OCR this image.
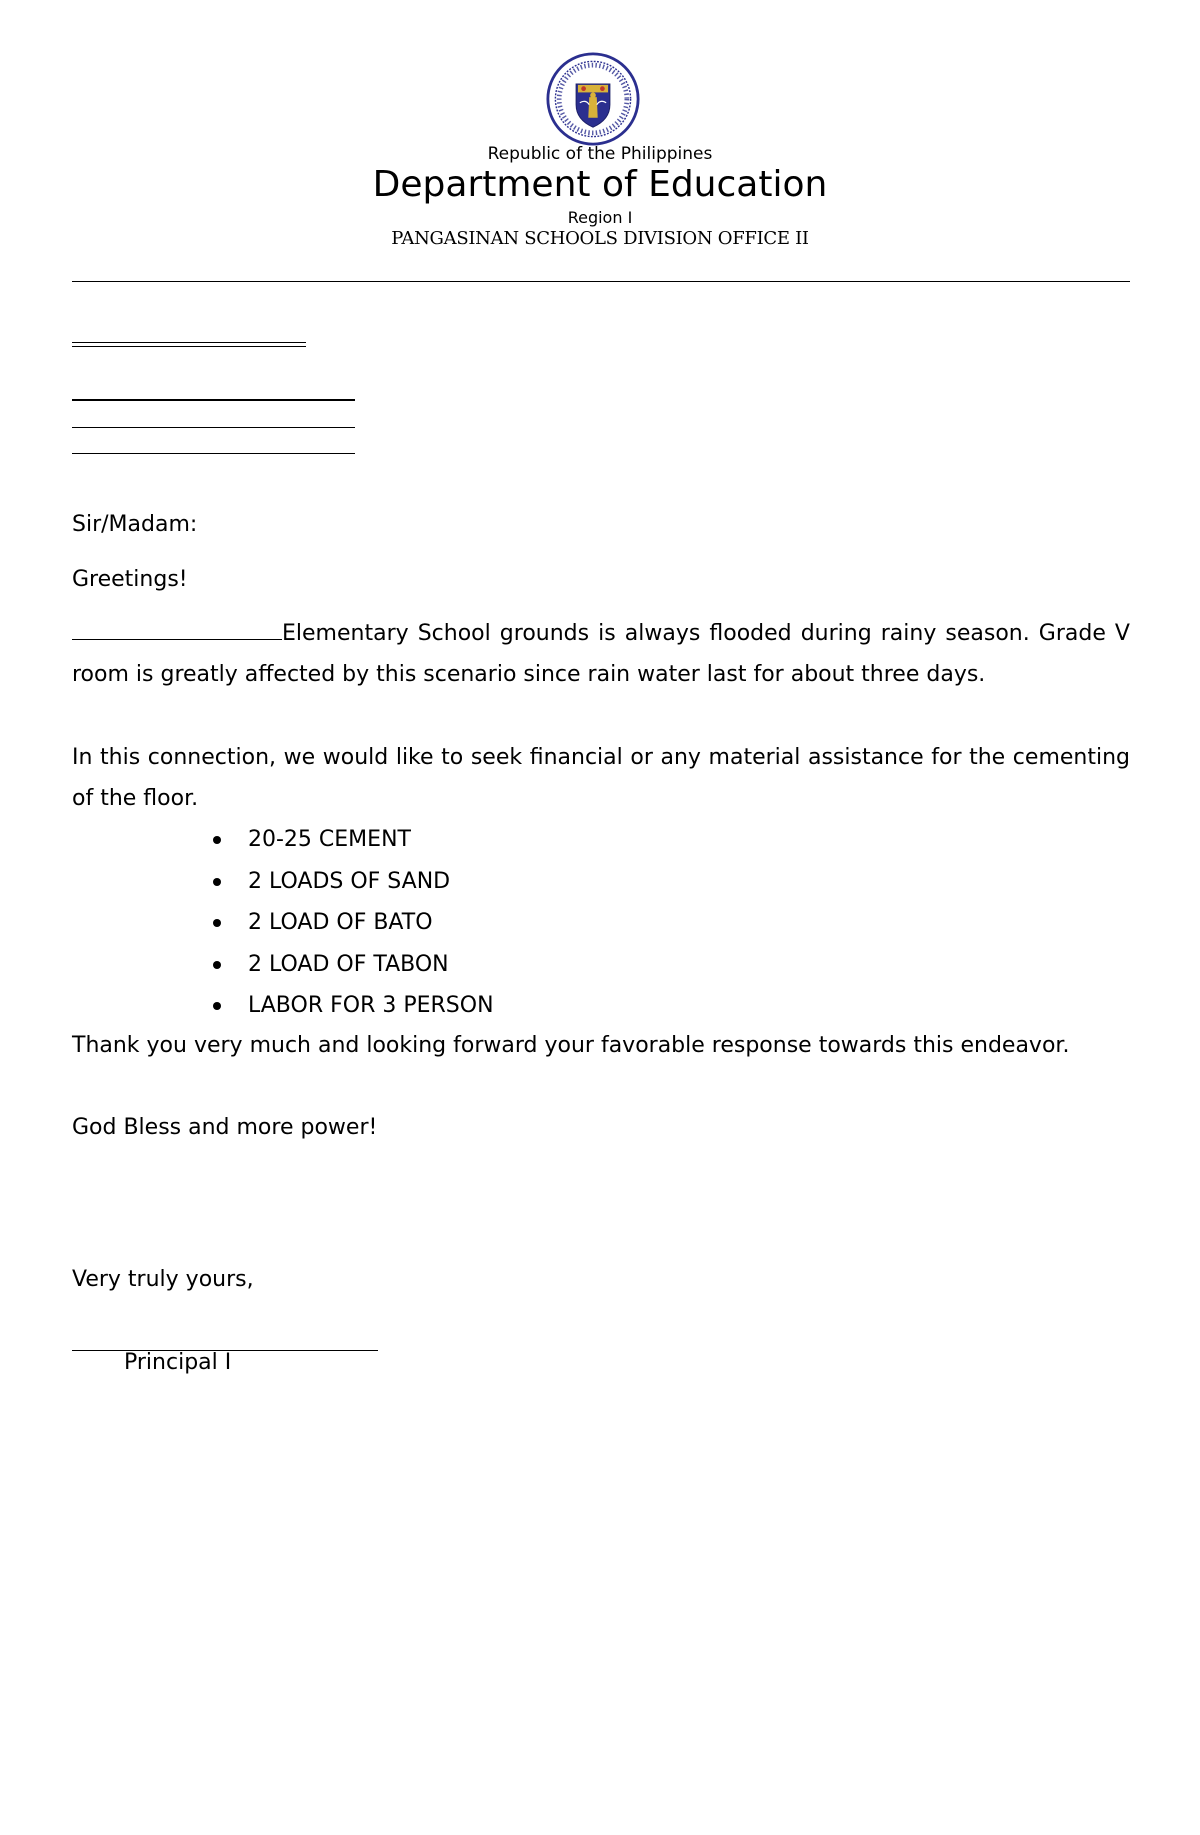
Republic of the Philippines
Department of Education
Region I
PANGASINAN SCHOOLS DIVISION OFFICE II
Sir/Madam:
Greetings!
Elementary School grounds is always flooded during rainy season. Grade V room is greatly affected by this scenario since rain water last for about three days.
In this connection, we would like to seek financial or any material assistance for the cementing of the floor.
20-25 CEMENT
2 LOADS OF SAND
2 LOAD OF BATO
2 LOAD OF TABON
LABOR FOR 3 PERSON
Thank you very much and looking forward your favorable response towards this endeavor.
God Bless and more power!
Very truly yours,
Principal I
